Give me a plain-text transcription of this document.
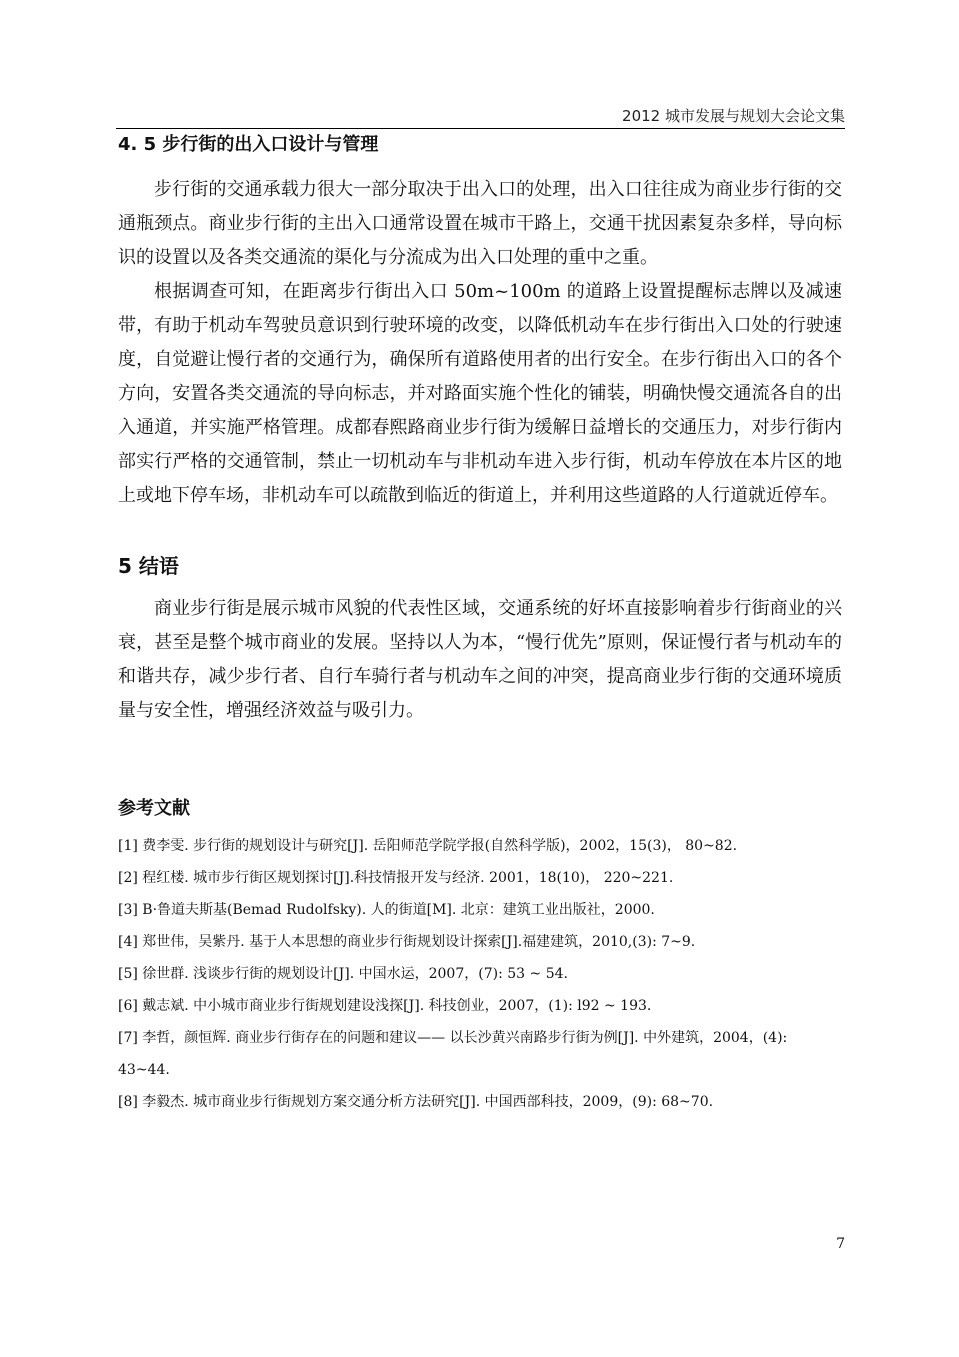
2012 城市发展与规划大会论文集
4. 5 步行街的出入口设计与管理

步行街的交通承载力很大一部分取决于出入口的处理，出入口往往成为商业步行街的交通瓶颈点。商业步行街的主出入口通常设置在城市干路上，交通干扰因素复杂多样，导向标识的设置以及各类交通流的渠化与分流成为出入口处理的重中之重。

根据调查可知，在距离步行街出入口 50m~100m 的道路上设置提醒标志牌以及减速带，有助于机动车驾驶员意识到行驶环境的改变，以降低机动车在步行街出入口处的行驶速度，自觉避让慢行者的交通行为，确保所有道路使用者的出行安全。在步行街出入口的各个方向，安置各类交通流的导向标志，并对路面实施个性化的铺装，明确快慢交通流各自的出入通道，并实施严格管理。成都春熙路商业步行街为缓解日益增长的交通压力，对步行街内部实行严格的交通管制，禁止一切机动车与非机动车进入步行街，机动车停放在本片区的地上或地下停车场，非机动车可以疏散到临近的街道上，并利用这些道路的人行道就近停车。

5 结语

商业步行街是展示城市风貌的代表性区域，交通系统的好坏直接影响着步行街商业的兴衰，甚至是整个城市商业的发展。坚持以人为本，“慢行优先”原则，保证慢行者与机动车的和谐共存，减少步行者、自行车骑行者与机动车之间的冲突，提高商业步行街的交通环境质量与安全性，增强经济效益与吸引力。

参考文献
[1] 费李雯. 步行街的规划设计与研究[J]. 岳阳师范学院学报(自然科学版)，2002，15(3)， 80~82.
[2] 程红楼. 城市步行街区规划探讨[J].科技情报开发与经济. 2001，18(10)， 220~221.
[3] B·鲁道夫斯基(Bemad Rudolfsky). 人的街道[M]. 北京：建筑工业出版社，2000.
[4] 郑世伟，吴紫丹. 基于人本思想的商业步行街规划设计探索[J].福建建筑，2010,(3): 7~9.
[5] 徐世群. 浅谈步行街的规划设计[J]. 中国水运，2007，(7): 53 ~ 54.
[6] 戴志斌. 中小城市商业步行街规划建设浅探[J]. 科技创业，2007，(1): l92 ~ 193.
[7] 李哲，颜恒辉. 商业步行街存在的问题和建议—— 以长沙黄兴南路步行街为例[J]. 中外建筑，2004，(4): 43~44.
[8] 李毅杰. 城市商业步行街规划方案交通分析方法研究[J]. 中国西部科技，2009，(9): 68~70.
7
